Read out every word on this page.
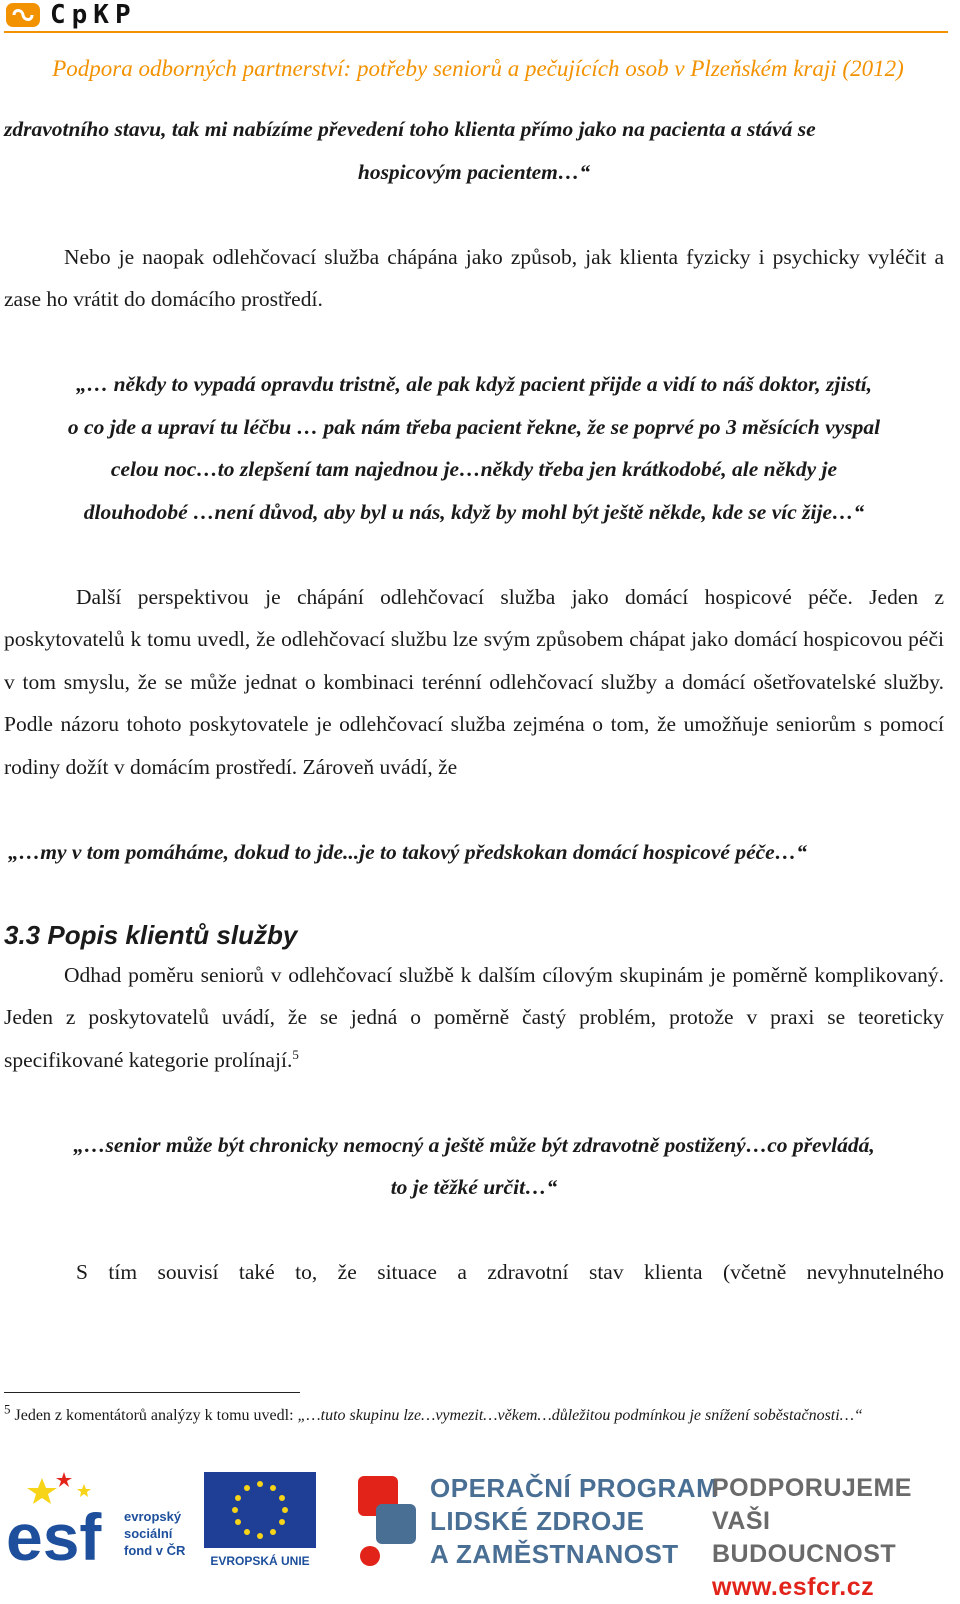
CpKP
Podpora odborných partnerství: potřeby seniorů a pečujících osob v Plzeňském kraji (2012)

zdravotního stavu, tak mi nabízíme převedení toho klienta přímo jako na pacienta a stává se

hospicovým pacientem…“

Nebo je naopak odlehčovací služba chápána jako způsob, jak klienta fyzicky i psychicky vyléčit a zase ho vrátit do domácího prostředí.

„… někdy to vypadá opravdu tristně, ale pak když pacient přijde a vidí to náš doktor, zjistí,
o co jde a upraví tu léčbu … pak nám třeba pacient řekne, že se poprvé po 3 měsících vyspal
celou noc…to zlepšení tam najednou je…někdy třeba jen krátkodobé, ale někdy je
dlouhodobé …není důvod, aby byl u nás, když by mohl být ještě někde, kde se víc žije…“

Další perspektivou je chápání odlehčovací služba jako domácí hospicové péče. Jeden z poskytovatelů k tomu uvedl, že odlehčovací službu lze svým způsobem chápat jako domácí hospicovou péči v tom smyslu, že se může jednat o kombinaci terénní odlehčovací služby a domácí ošetřovatelské služby. Podle názoru tohoto poskytovatele je odlehčovací služba zejména o tom, že umožňuje seniorům s pomocí rodiny dožít v domácím prostředí. Zároveň uvádí, že

„…my v tom pomáháme, dokud to jde...je to takový předskokan domácí hospicové péče…“

3.3 Popis klientů služby

Odhad poměru seniorů v odlehčovací službě k dalším cílovým skupinám je poměrně komplikovaný. Jeden z poskytovatelů uvádí, že se jedná o poměrně častý problém, protože v praxi se teoreticky specifikované kategorie prolínají.$^5$

„…senior může být chronicky nemocný a ještě může být zdravotně postižený…co převládá,
to je těžké určit…“

S tím souvisí také to, že situace a zdravotní stav klienta (včetně nevyhnutelného

$^5$ Jeden z komentátorů analýzy k tomu uvedl: „…tuto skupinu lze…vymezit…věkem…důležitou podmínkou je snížení soběstačnosti…“
esf evropský
sociální
fond v ČR
EVROPSKÁ UNIE
OPERAČNÍ PROGRAM
LIDSKÉ ZDROJE
A ZAMĚSTNANOST
PODPORUJEME
VAŠI BUDOUCNOST
www.esfcr.cz
